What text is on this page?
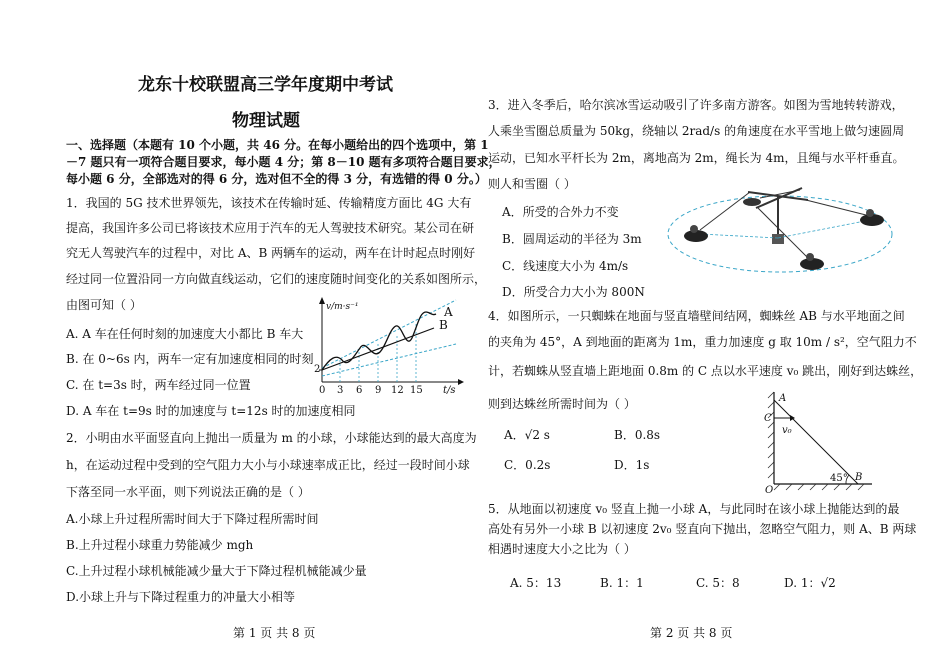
龙东十校联盟高三学年度期中考试
物理试题
一、选择题（本题有 10 个小题，共 46 分。在每小题给出的四个选项中，第 1
－7 题只有一项符合题目要求，每小题 4 分；第 8－10 题有多项符合题目要求，
每小题 6 分，全部选对的得 6 分，选对但不全的得 3 分，有选错的得 0 分。）
1．我国的 5G 技术世界领先，该技术在传输时延、传输精度方面比 4G 大有
提高，我国许多公司已将该技术应用于汽车的无人驾驶技术研究。某公司在研
究无人驾驶汽车的过程中，对比 A、B 两辆车的运动，两车在计时起点时刚好
经过同一位置沿同一方向做直线运动，它们的速度随时间变化的关系如图所示，
由图可知（ ）
A. A 车在任何时刻的加速度大小都比 B 车大
B. 在 0~6s 内，两车一定有加速度相同的时刻
C. 在 t=3s 时，两车经过同一位置
D. A 车在 t=9s 时的加速度与 t=12s 时的加速度相同
v/m·s⁻¹	A
B
2
0 3 6 9 12 15 t/s
2．小明由水平面竖直向上抛出一质量为 m 的小球，小球能达到的最大高度为
h，在运动过程中受到的空气阻力大小与小球速率成正比，经过一段时间小球
下落至同一水平面，则下列说法正确的是（ ）
A.小球上升过程所需时间大于下降过程所需时间
B.上升过程小球重力势能减少 mgh
C.上升过程小球机械能减少量大于下降过程机械能减少量
D.小球上升与下降过程重力的冲量大小相等
第 1 页 共 8 页
3．进入冬季后，哈尔滨冰雪运动吸引了许多南方游客。如图为雪地转转游戏，
人乘坐雪圈总质量为 50kg，绕轴以 2rad/s 的角速度在水平雪地上做匀速圆周
运动，已知水平杆长为 2m，离地高为 2m，绳长为 4m，且绳与水平杆垂直。
则人和雪圈（ ）
A．所受的合外力不变
B．圆周运动的半径为 3m
C．线速度大小为 4m/s
D．所受合力大小为 800N
4．如图所示，一只蜘蛛在地面与竖直墙壁间结网，蜘蛛丝 AB 与水平地面之间
的夹角为 45°，A 到地面的距离为 1m，重力加速度 g 取 10m / s²，空气阻力不
计，若蜘蛛从竖直墙上距地面 0.8m 的 C 点以水平速度 v₀ 跳出，刚好到达蛛丝，
则到达蛛丝所需时间为（ ）
A．√2 s	B．0.8s
C．0.2s	D．1s
A
C
v₀
45° B
O
5．从地面以初速度 v₀ 竖直上抛一小球 A，与此同时在该小球上抛能达到的最
高处有另外一小球 B 以初速度 2v₀ 竖直向下抛出，忽略空气阻力，则 A、B 两球
相遇时速度大小之比为（ ）
A. 5：13	B. 1：1	C. 5：8	D. 1：√2
第 2 页 共 8 页
